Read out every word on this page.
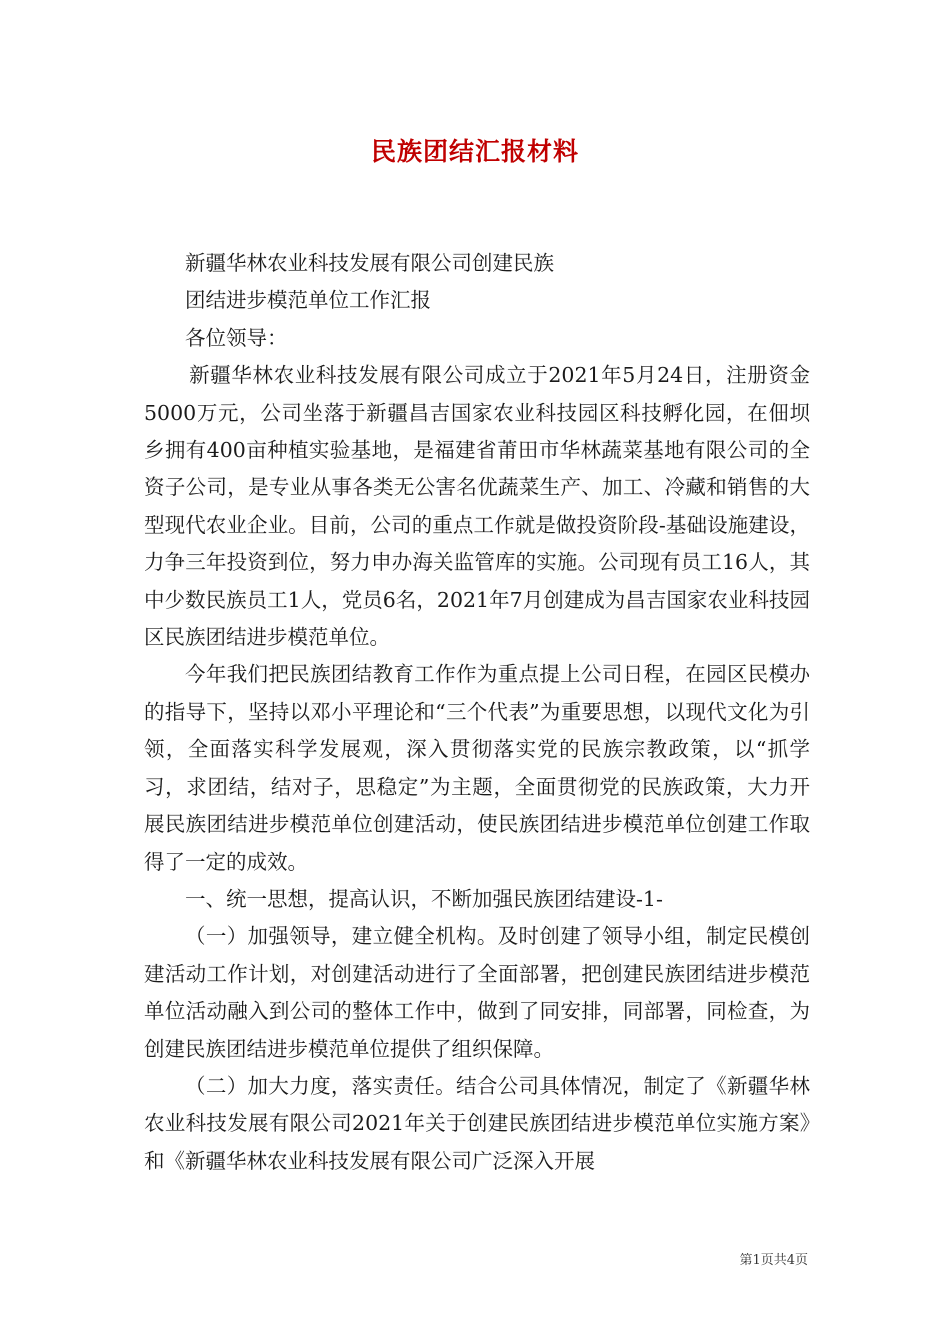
民族团结汇报材料

新疆华林农业科技发展有限公司创建民族

团结进步模范单位工作汇报

各位领导：

新疆华林农业科技发展有限公司成立于2021年5月24日，注册资金5000万元，公司坐落于新疆昌吉国家农业科技园区科技孵化园，在佃坝乡拥有400亩种植实验基地，是福建省莆田市华林蔬菜基地有限公司的全资子公司，是专业从事各类无公害名优蔬菜生产、加工、冷藏和销售的大型现代农业企业。目前，公司的重点工作就是做投资阶段-基础设施建设，力争三年投资到位，努力申办海关监管库的实施。公司现有员工16人，其中少数民族员工1人，党员6名，2021年7月创建成为昌吉国家农业科技园区民族团结进步模范单位。

今年我们把民族团结教育工作作为重点提上公司日程，在园区民模办的指导下，坚持以邓小平理论和“三个代表”为重要思想，以现代文化为引领，全面落实科学发展观，深入贯彻落实党的民族宗教政策，以“抓学习，求团结，结对子，思稳定”为主题，全面贯彻党的民族政策，大力开展民族团结进步模范单位创建活动，使民族团结进步模范单位创建工作取得了一定的成效。

一、统一思想，提高认识，不断加强民族团结建设-1-

（一）加强领导，建立健全机构。及时创建了领导小组，制定民模创建活动工作计划，对创建活动进行了全面部署，把创建民族团结进步模范单位活动融入到公司的整体工作中，做到了同安排，同部署，同检查，为创建民族团结进步模范单位提供了组织保障。

（二）加大力度，落实责任。结合公司具体情况，制定了《新疆华林农业科技发展有限公司2021年关于创建民族团结进步模范单位实施方案》和《新疆华林农业科技发展有限公司广泛深入开展

第1页共4页
